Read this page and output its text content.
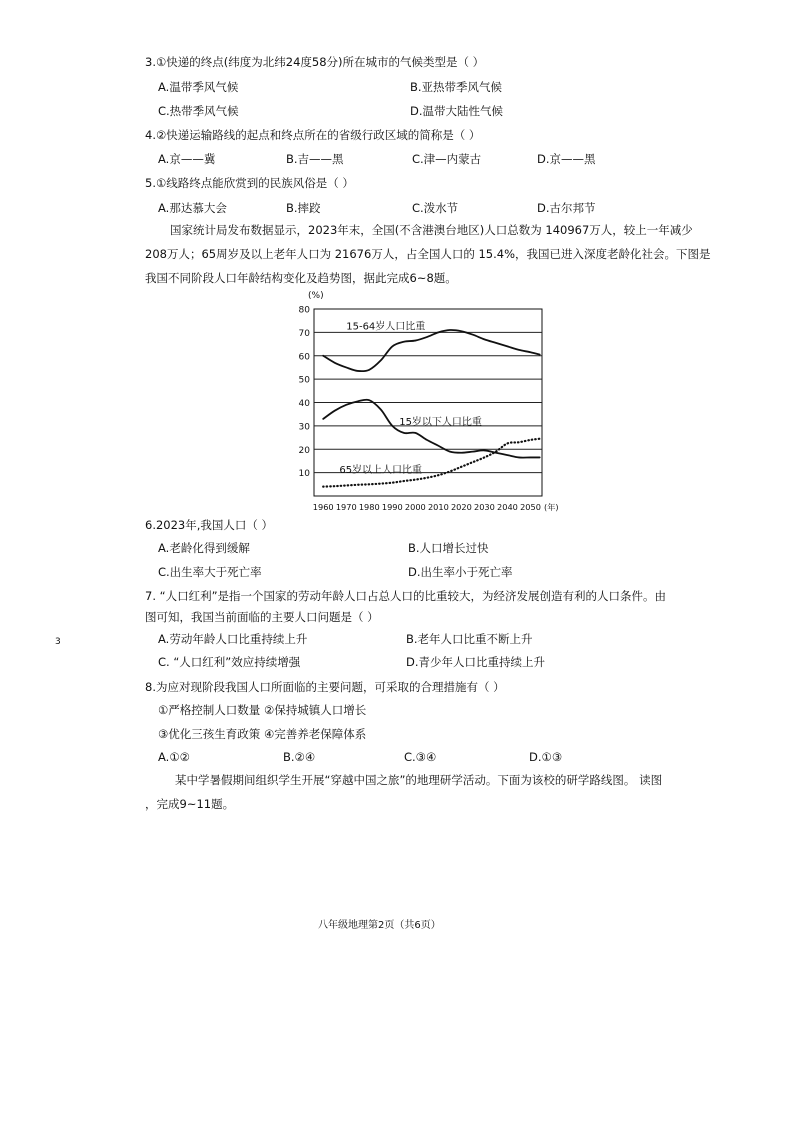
3.①快递的终点(纬度为北纬24度58分)所在城市的气候类型是（ ）
A.温带季风气候	B.亚热带季风气候
C.热带季风气候	D.温带大陆性气候
4.②快递运输路线的起点和终点所在的省级行政区域的简称是（ ）
A.京——冀	B.吉——黑	C.津—内蒙古	D.京——黑
5.①线路终点能欣赏到的民族风俗是（ ）
A.那达慕大会	B.摔跤	C.泼水节	D.古尔邦节
国家统计局发布数据显示，2023年末，全国(不含港澳台地区)人口总数为 140967万人，较上一年减少
208万人；65周岁及以上老年人口为 21676万人，占全国人口的 15.4%，我国已进入深度老龄化社会。下图是
我国不同阶段人口年龄结构变化及趋势图，据此完成6~8题。
10
20
30
40
50
60
70
80
(%)
1960 1970 1980 1990 2000 2010 2020 2030 2040 2050 (年)
15-64岁人口比重
15岁以下人口比重
65岁以上人口比重
6.2023年,我国人口（ ）
A.老龄化得到缓解	B.人口增长过快
C.出生率大于死亡率	D.出生率小于死亡率
7. “人口红利”是指一个国家的劳动年龄人口占总人口的比重较大，为经济发展创造有利的人口条件。由
图可知，我国当前面临的主要人口问题是（ ）
3	A.劳动年龄人口比重持续上升	B.老年人口比重不断上升
C. “人口红利”效应持续增强	D.青少年人口比重持续上升
8.为应对现阶段我国人口所面临的主要问题，可采取的合理措施有（ ）
①严格控制人口数量 ②保持城镇人口增长
③优化三孩生育政策 ④完善养老保障体系
A.①②	B.②④	C.③④	D.①③
某中学暑假期间组织学生开展“穿越中国之旅”的地理研学活动。下面为该校的研学路线图。 读图
，完成9~11题。
八年级地理第2页（共6页）
